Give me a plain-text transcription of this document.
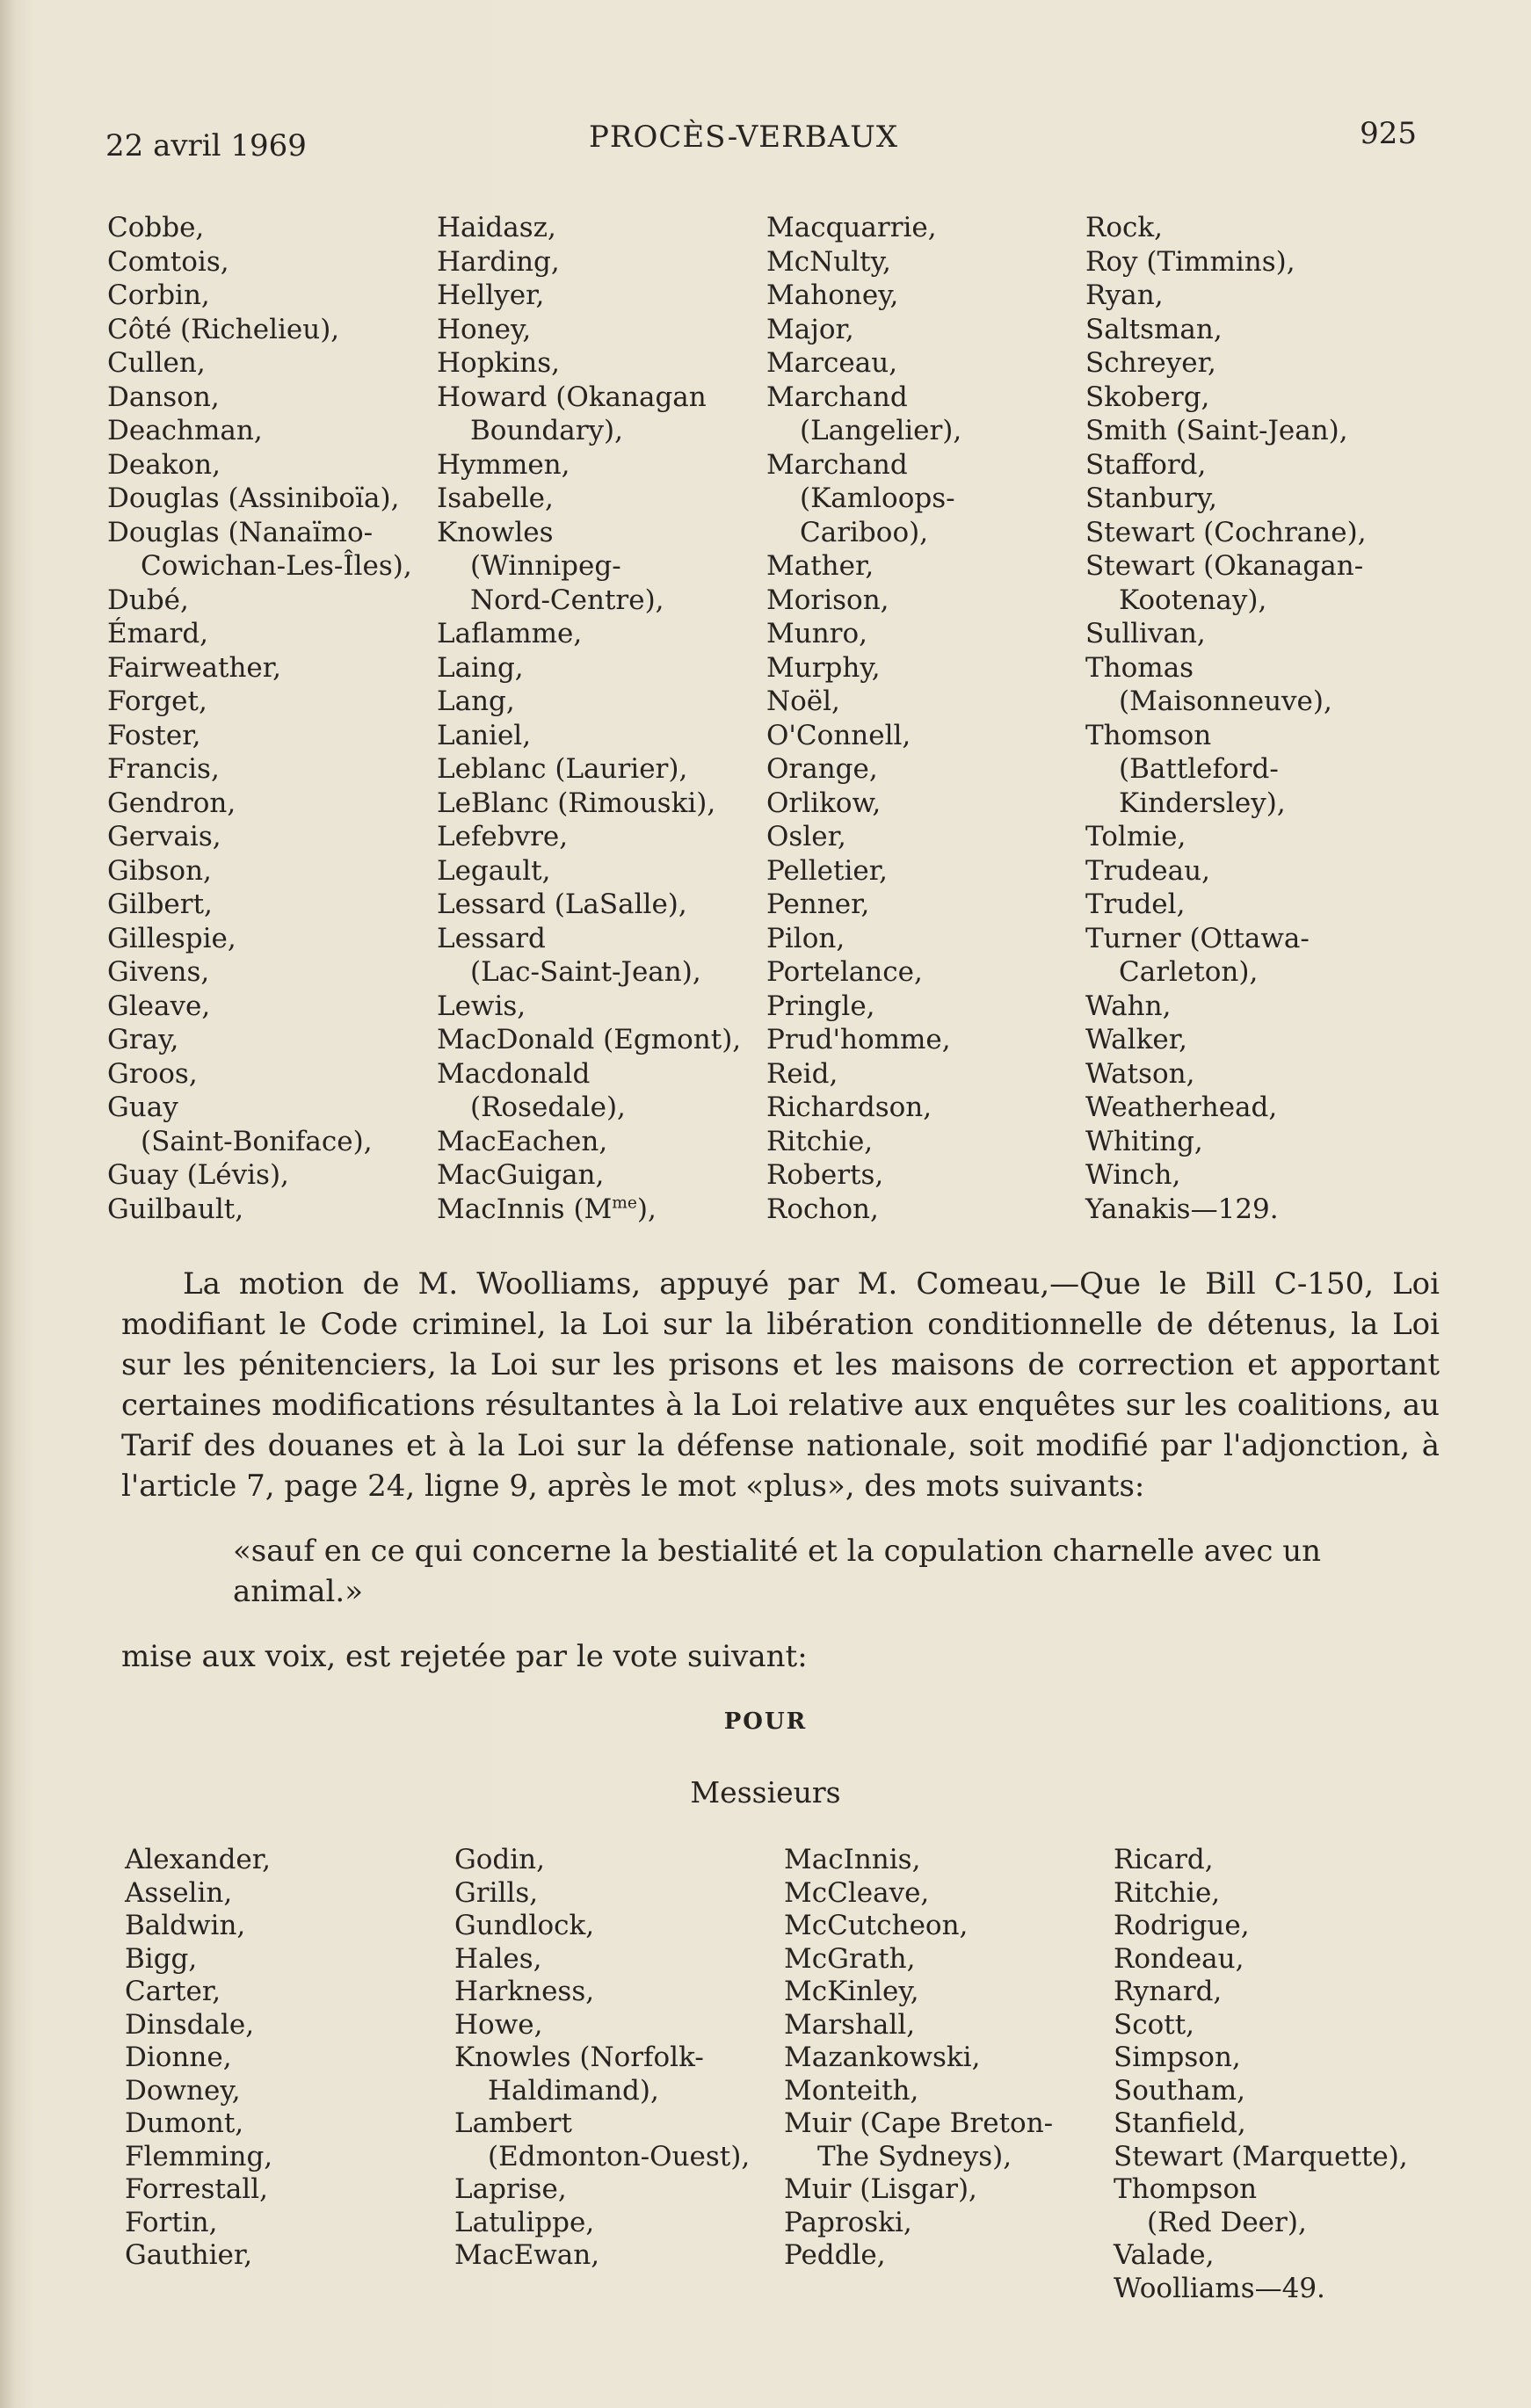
22 avril 1969	PROCÈS-VERBAUX	925
Cobbe,
Comtois,
Corbin,
Côté (Richelieu),
Cullen,
Danson,
Deachman,
Deakon,
Douglas (Assiniboïa),
Douglas (Nanaïmo-
Cowichan-Les-Îles),
Dubé,
Émard,
Fairweather,
Forget,
Foster,
Francis,
Gendron,
Gervais,
Gibson,
Gilbert,
Gillespie,
Givens,
Gleave,
Gray,
Groos,
Guay
(Saint-Boniface),
Guay (Lévis),
Guilbault,
Haidasz,
Harding,
Hellyer,
Honey,
Hopkins,
Howard (Okanagan
Boundary),
Hymmen,
Isabelle,
Knowles
(Winnipeg-
Nord-Centre),
Laflamme,
Laing,
Lang,
Laniel,
Leblanc (Laurier),
LeBlanc (Rimouski),
Lefebvre,
Legault,
Lessard (LaSalle),
Lessard
(Lac-Saint-Jean),
Lewis,
MacDonald (Egmont),
Macdonald
(Rosedale),
MacEachen,
MacGuigan,
MacInnis $(M^{me})$,
Macquarrie,
McNulty,
Mahoney,
Major,
Marceau,
Marchand
(Langelier),
Marchand
(Kamloops-
Cariboo),
Mather,
Morison,
Munro,
Murphy,
Noël,
O'Connell,
Orange,
Orlikow,
Osler,
Pelletier,
Penner,
Pilon,
Portelance,
Pringle,
Prud'homme,
Reid,
Richardson,
Ritchie,
Roberts,
Rochon,
Rock,
Roy (Timmins),
Ryan,
Saltsman,
Schreyer,
Skoberg,
Smith (Saint-Jean),
Stafford,
Stanbury,
Stewart (Cochrane),
Stewart (Okanagan-
Kootenay),
Sullivan,
Thomas
(Maisonneuve),
Thomson
(Battleford-
Kindersley),
Tolmie,
Trudeau,
Trudel,
Turner (Ottawa-
Carleton),
Wahn,
Walker,
Watson,
Weatherhead,
Whiting,
Winch,
Yanakis—129.
La motion de M. Woolliams, appuyé par M. Comeau,—Que le Bill C-150, Loi modifiant le Code criminel, la Loi sur la libération conditionnelle de détenus, la Loi sur les pénitenciers, la Loi sur les prisons et les maisons de correction et apportant certaines modifications résultantes à la Loi relative aux enquêtes sur les coalitions, au Tarif des douanes et à la Loi sur la défense nationale, soit modifié par l'adjonction, à l'article 7, page 24, ligne 9, après le mot «plus», des mots suivants:
«sauf en ce qui concerne la bestialité et la copulation charnelle avec un animal.»
mise aux voix, est rejetée par le vote suivant:
POUR
Messieurs
Alexander,
Asselin,
Baldwin,
Bigg,
Carter,
Dinsdale,
Dionne,
Downey,
Dumont,
Flemming,
Forrestall,
Fortin,
Gauthier,
Godin,
Grills,
Gundlock,
Hales,
Harkness,
Howe,
Knowles (Norfolk-
Haldimand),
Lambert
(Edmonton-Ouest),
Laprise,
Latulippe,
MacEwan,
MacInnis,
McCleave,
McCutcheon,
McGrath,
McKinley,
Marshall,
Mazankowski,
Monteith,
Muir (Cape Breton-
The Sydneys),
Muir (Lisgar),
Paproski,
Peddle,
Ricard,
Ritchie,
Rodrigue,
Rondeau,
Rynard,
Scott,
Simpson,
Southam,
Stanfield,
Stewart (Marquette),
Thompson
(Red Deer),
Valade,
Woolliams—49.
